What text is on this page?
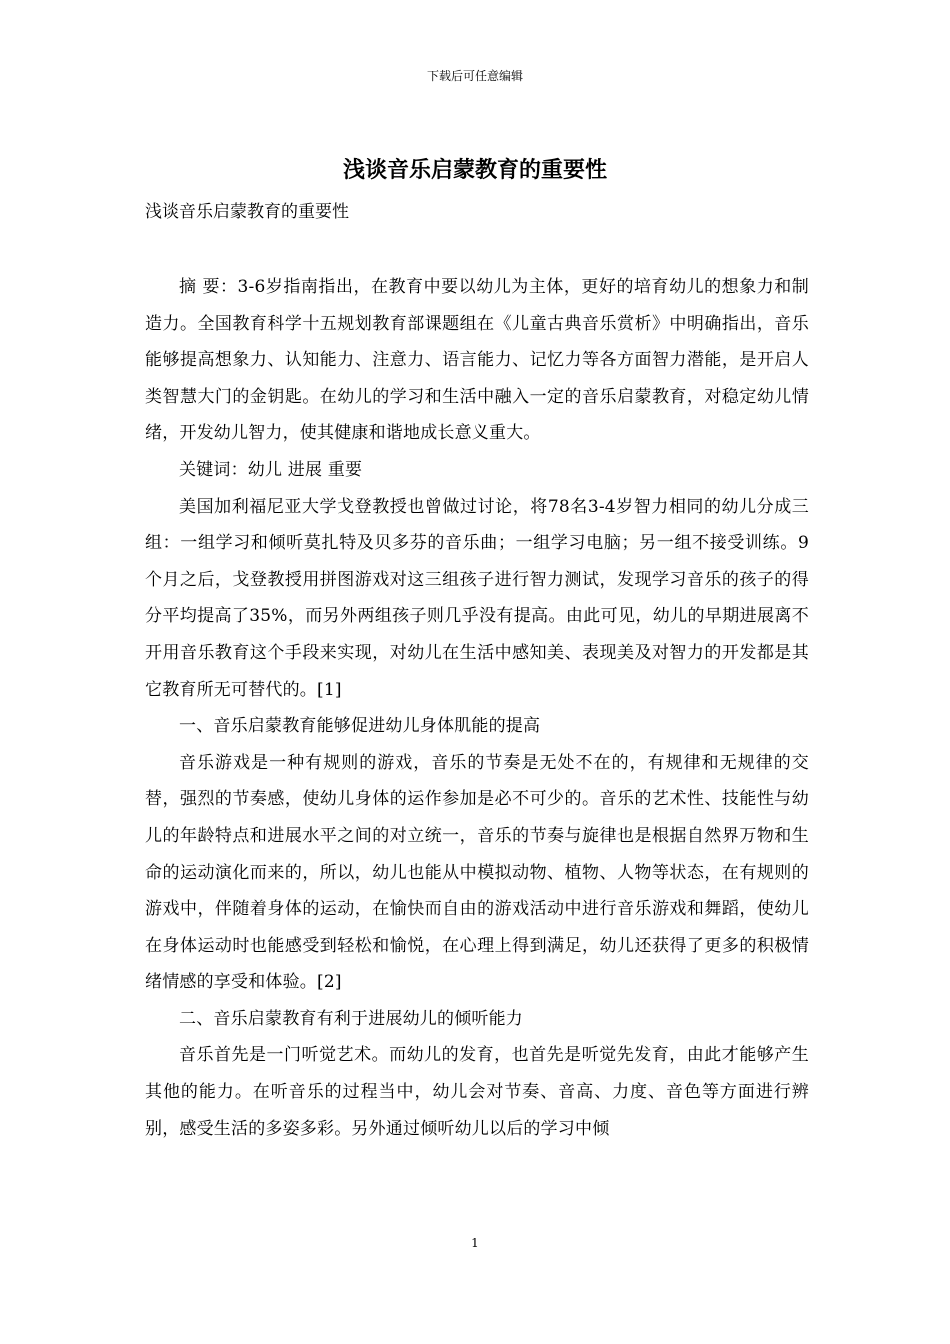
下载后可任意编辑
浅谈音乐启蒙教育的重要性

浅谈音乐启蒙教育的重要性

摘 要：3-6岁指南指出，在教育中要以幼儿为主体，更好的培育幼儿的想象力和制造力。全国教育科学十五规划教育部课题组在《儿童古典音乐赏析》中明确指出，音乐能够提高想象力、认知能力、注意力、语言能力、记忆力等各方面智力潜能，是开启人类智慧大门的金钥匙。在幼儿的学习和生活中融入一定的音乐启蒙教育，对稳定幼儿情绪，开发幼儿智力，使其健康和谐地成长意义重大。

关键词：幼儿 进展 重要

美国加利福尼亚大学戈登教授也曾做过讨论，将78名3-4岁智力相同的幼儿分成三组：一组学习和倾听莫扎特及贝多芬的音乐曲；一组学习电脑；另一组不接受训练。9个月之后，戈登教授用拼图游戏对这三组孩子进行智力测试，发现学习音乐的孩子的得分平均提高了35%，而另外两组孩子则几乎没有提高。由此可见，幼儿的早期进展离不开用音乐教育这个手段来实现，对幼儿在生活中感知美、表现美及对智力的开发都是其它教育所无可替代的。[1]

一、音乐启蒙教育能够促进幼儿身体肌能的提高

音乐游戏是一种有规则的游戏，音乐的节奏是无处不在的，有规律和无规律的交替，强烈的节奏感，使幼儿身体的运作参加是必不可少的。音乐的艺术性、技能性与幼儿的年龄特点和进展水平之间的对立统一，音乐的节奏与旋律也是根据自然界万物和生命的运动演化而来的，所以，幼儿也能从中模拟动物、植物、人物等状态，在有规则的游戏中，伴随着身体的运动，在愉快而自由的游戏活动中进行音乐游戏和舞蹈，使幼儿在身体运动时也能感受到轻松和愉悦，在心理上得到满足，幼儿还获得了更多的积极情绪情感的享受和体验。[2]

二、音乐启蒙教育有利于进展幼儿的倾听能力

音乐首先是一门听觉艺术。而幼儿的发育，也首先是听觉先发育，由此才能够产生其他的能力。在听音乐的过程当中，幼儿会对节奏、音高、力度、音色等方面进行辨别，感受生活的多姿多彩。另外通过倾听幼儿以后的学习中倾

1
